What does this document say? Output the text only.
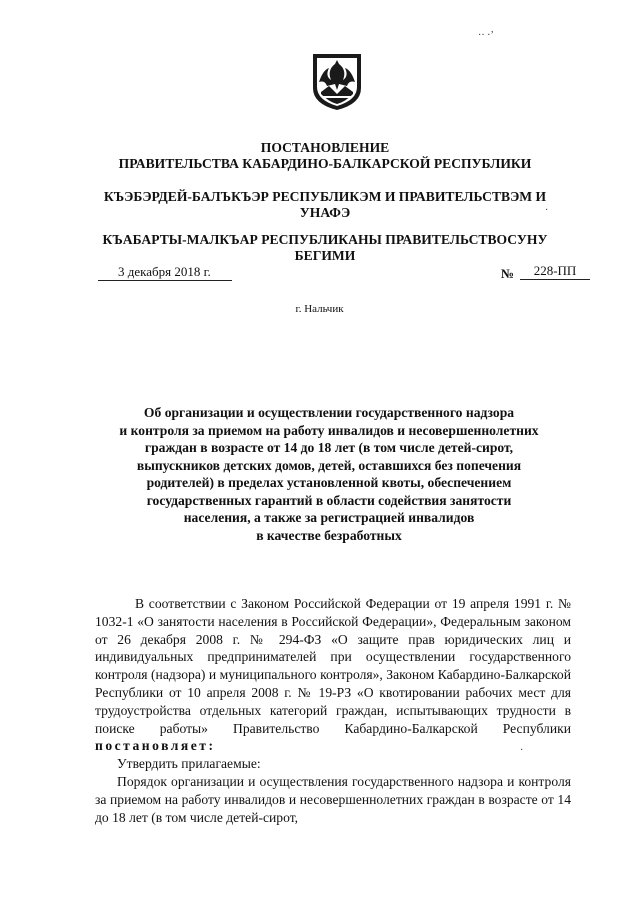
ПОСТАНОВЛЕНИЕ
ПРАВИТЕЛЬСТВА КАБАРДИНО-БАЛКАРСКОЙ РЕСПУБЛИКИ
КЪЭБЭРДЕЙ-БАЛЪКЪЭР РЕСПУБЛИКЭМ И ПРАВИТЕЛЬСТВЭМ И
УНАФЭ
КЪАБАРТЫ-МАЛКЪАР РЕСПУБЛИКАНЫ ПРАВИТЕЛЬСТВОСУНУ
БЕГИМИ
3 декабря 2018 г.	№	228-ПП
г. Нальчик
Об организации и осуществлении государственного надзора
и контроля за приемом на работу инвалидов и несовершеннолетних
граждан в возрасте от 14 до 18 лет (в том числе детей-сирот,
выпускников детских домов, детей, оставшихся без попечения
родителей) в пределах установленной квоты, обеспечением
государственных гарантий в области содействия занятости
населения, а также за регистрацией инвалидов
в качестве безработных

В соответствии с Законом Российской Федерации от 19 апреля 1991 г. № 1032-1 «О занятости населения в Российской Федерации», Федеральным законом от 26 декабря 2008 г. № 294-ФЗ «О защите прав юридических лиц и индивидуальных предпринимателей при осуществлении государственного контроля (надзора) и муниципального контроля», Законом Кабардино-Балкарской Республики от 10 апреля 2008 г. № 19-РЗ «О квотировании рабочих мест для трудоустройства отдельных категорий граждан, испытывающих трудности в поиске работы» Правительство Кабардино-Балкарской Республики постановляет:

Утвердить прилагаемые:

Порядок организации и осуществления государственного надзора и контроля за приемом на работу инвалидов и несовершеннолетних граждан в возрасте от 14 до 18 лет (в том числе детей-сирот,

·· ·’
·
·
